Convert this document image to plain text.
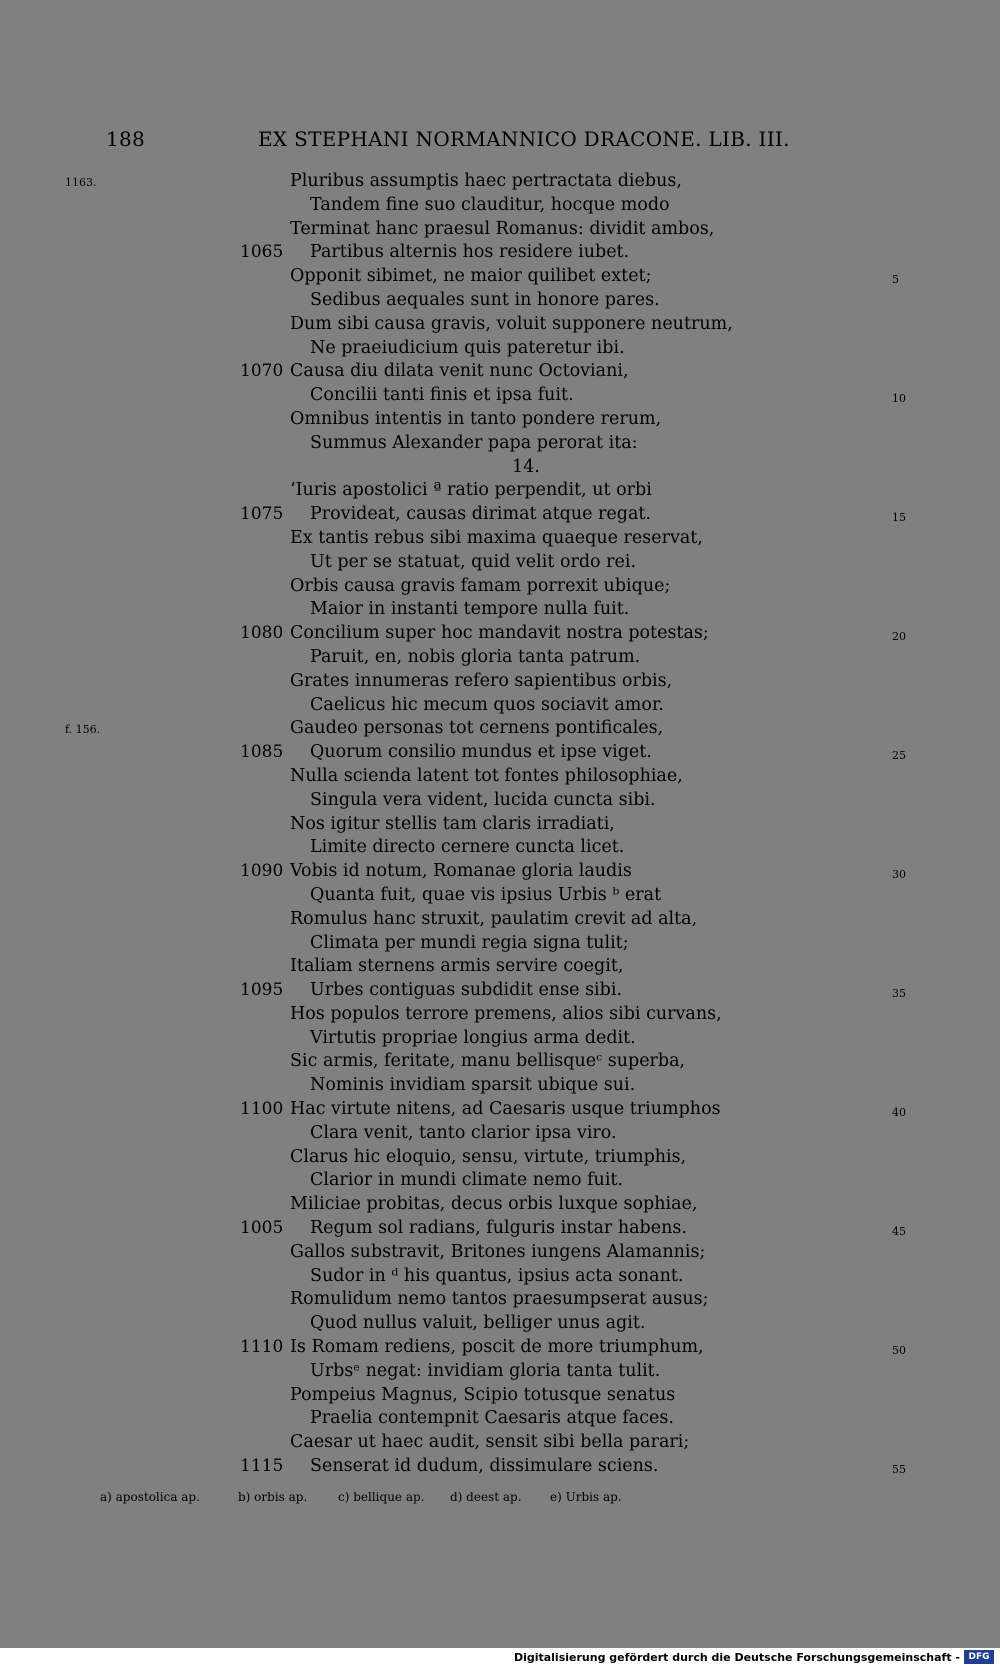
188	EX STEPHANI NORMANNICO DRACONE. LIB. III.
1163.	Pluribus assumptis haec pertractata diebus,
Tandem fine suo clauditur, hocque modo
Terminat hanc praesul Romanus: dividit ambos,
1065 Partibus alternis hos residere iubet.
Opponit sibimet, ne maior quilibet extet;	5
Sedibus aequales sunt in honore pares.
Dum sibi causa gravis, voluit supponere neutrum,
Ne praeiudicium quis pateretur ibi.
1070 Causa diu dilata venit nunc Octoviani,
Concilii tanti finis et ipsa fuit.	10
Omnibus intentis in tanto pondere rerum,
Summus Alexander papa perorat ita:
14.
‘Iuris apostolici ª ratio perpendit, ut orbi
1075 Provideat, causas dirimat atque regat.	15
Ex tantis rebus sibi maxima quaeque reservat,
Ut per se statuat, quid velit ordo rei.
Orbis causa gravis famam porrexit ubique;
Maior in instanti tempore nulla fuit.
1080 Concilium super hoc mandavit nostra potestas;	20
Paruit, en, nobis gloria tanta patrum.
Grates innumeras refero sapientibus orbis,
Caelicus hic mecum quos sociavit amor.
f. 156.	Gaudeo personas tot cernens pontificales,
1085 Quorum consilio mundus et ipse viget.	25
Nulla scienda latent tot fontes philosophiae,
Singula vera vident, lucida cuncta sibi.
Nos igitur stellis tam claris irradiati,
Limite directo cernere cuncta licet.
1090 Vobis id notum, Romanae gloria laudis	30
Quanta fuit, quae vis ipsius Urbis ᵇ erat
Romulus hanc struxit, paulatim crevit ad alta,
Climata per mundi regia signa tulit;
Italiam sternens armis servire coegit,
1095 Urbes contiguas subdidit ense sibi.	35
Hos populos terrore premens, alios sibi curvans,
Virtutis propriae longius arma dedit.
Sic armis, feritate, manu bellisqueᶜ superba,
Nominis invidiam sparsit ubique sui.
1100 Hac virtute nitens, ad Caesaris usque triumphos	40
Clara venit, tanto clarior ipsa viro.
Clarus hic eloquio, sensu, virtute, triumphis,
Clarior in mundi climate nemo fuit.
Miliciae probitas, decus orbis luxque sophiae,
1005 Regum sol radians, fulguris instar habens.	45
Gallos substravit, Britones iungens Alamannis;
Sudor in ᵈ his quantus, ipsius acta sonant.
Romulidum nemo tantos praesumpserat ausus;
Quod nullus valuit, belliger unus agit.
1110 Is Romam rediens, poscit de more triumphum,	50
Urbsᵉ negat: invidiam gloria tanta tulit.
Pompeius Magnus, Scipio totusque senatus
Praelia contempnit Caesaris atque faces.
Caesar ut haec audit, sensit sibi bella parari;
1115 Senserat id dudum, dissimulare sciens.	55
a) apostolica ap.	b) orbis ap.	c) bellique ap. d) deest ap. e) Urbis ap.
Digitalisierung gefördert durch die Deutsche Forschungsgemeinschaft - DFG
